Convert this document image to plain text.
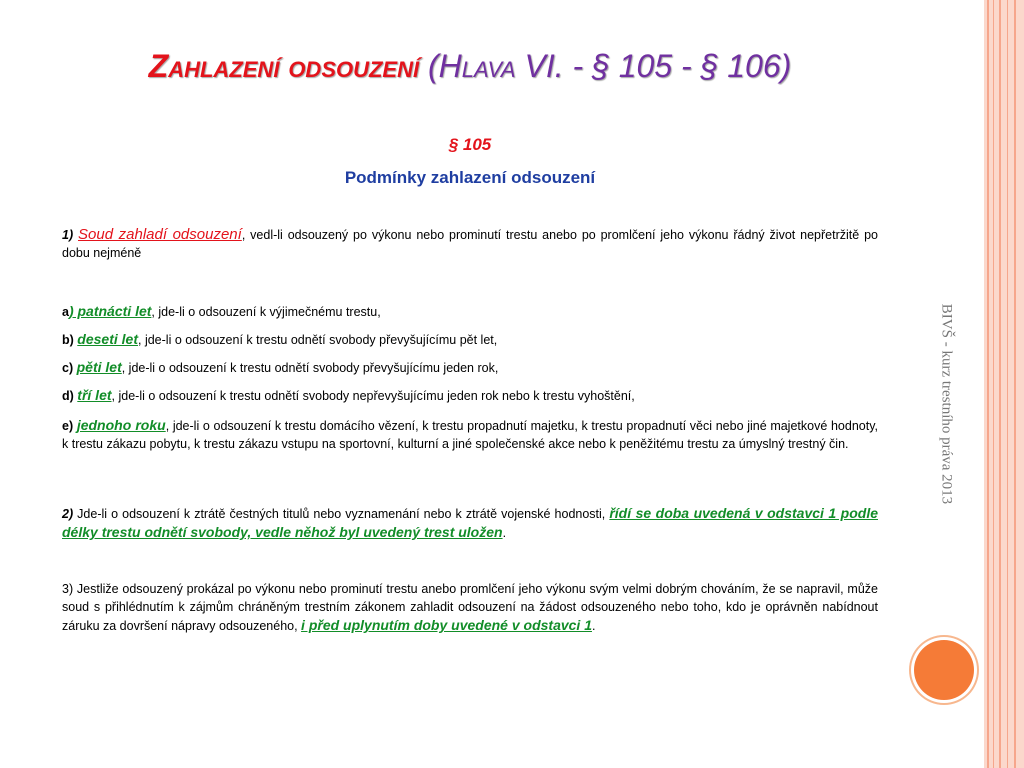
BIVŠ - kurz trestního práva 2013
Zahlazení odsouzení (Hlava VI. - § 105 - § 106)
§ 105
Podmínky zahlazení odsouzení

1) Soud zahladí odsouzení, vedl-li odsouzený po výkonu nebo prominutí trestu anebo po promlčení jeho výkonu řádný život nepřetržitě po dobu nejméně

a) patnácti let, jde-li o odsouzení k výjimečnému trestu,

b) deseti let, jde-li o odsouzení k trestu odnětí svobody převyšujícímu pět let,

c) pěti let, jde-li o odsouzení k trestu odnětí svobody převyšujícímu jeden rok,

d) tří let, jde-li o odsouzení k trestu odnětí svobody nepřevyšujícímu jeden rok nebo k trestu vyhoštění,

e) jednoho roku, jde-li o odsouzení k trestu domácího vězení, k trestu propadnutí majetku, k trestu propadnutí věci nebo jiné majetkové hodnoty, k trestu zákazu pobytu, k trestu zákazu vstupu na sportovní, kulturní a jiné společenské akce nebo k peněžitému trestu za úmyslný trestný čin.

2) Jde-li o odsouzení k ztrátě čestných titulů nebo vyznamenání nebo k ztrátě vojenské hodnosti, řídí se doba uvedená v odstavci 1 podle délky trestu odnětí svobody, vedle něhož byl uvedený trest uložen.

3) Jestliže odsouzený prokázal po výkonu nebo prominutí trestu anebo promlčení jeho výkonu svým velmi dobrým chováním, že se napravil, může soud s přihlédnutím k zájmům chráněným trestním zákonem zahladit odsouzení na žádost odsouzeného nebo toho, kdo je oprávněn nabídnout záruku za dovršení nápravy odsouzeného, i před uplynutím doby uvedené v odstavci 1.
